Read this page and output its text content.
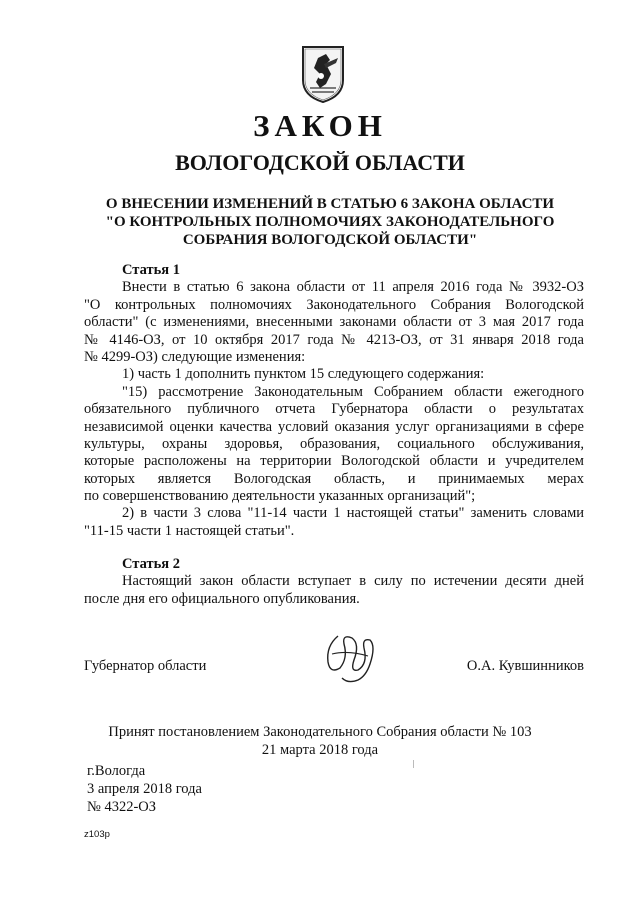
ЗАКОН
ВОЛОГОДСКОЙ ОБЛАСТИ
О ВНЕСЕНИИ ИЗМЕНЕНИЙ В СТАТЬЮ 6 ЗАКОНА ОБЛАСТИ
"О КОНТРОЛЬНЫХ ПОЛНОМОЧИЯХ ЗАКОНОДАТЕЛЬНОГО
СОБРАНИЯ ВОЛОГОДСКОЙ ОБЛАСТИ"
Статья 1
Внести в статью 6 закона области от 11 апреля 2016 года № 3932-ОЗ
"О контрольных полномочиях Законодательного Собрания Вологодской
области" (с изменениями, внесенными законами области от 3 мая 2017 года
№ 4146-ОЗ, от 10 октября 2017 года № 4213-ОЗ, от 31 января 2018 года
№ 4299-ОЗ) следующие изменения:
1) часть 1 дополнить пунктом 15 следующего содержания:
"15) рассмотрение Законодательным Собранием области ежегодного
обязательного публичного отчета Губернатора области о результатах
независимой оценки качества условий оказания услуг организациями в сфере
культуры, охраны здоровья, образования, социального обслуживания,
которые расположены на территории Вологодской области и учредителем
которых является Вологодская область, и принимаемых мерах
по совершенствованию деятельности указанных организаций";
2) в части 3 слова "11-14 части 1 настоящей статьи" заменить словами
"11-15 части 1 настоящей статьи".
Статья 2
Настоящий закон области вступает в силу по истечении десяти дней
после дня его официального опубликования.
Губернатор области	О.А. Кувшинников
Принят постановлением Законодательного Собрания области № 103
21 марта 2018 года
г.Вологда
3 апреля 2018 года
№ 4322-ОЗ
z103p
